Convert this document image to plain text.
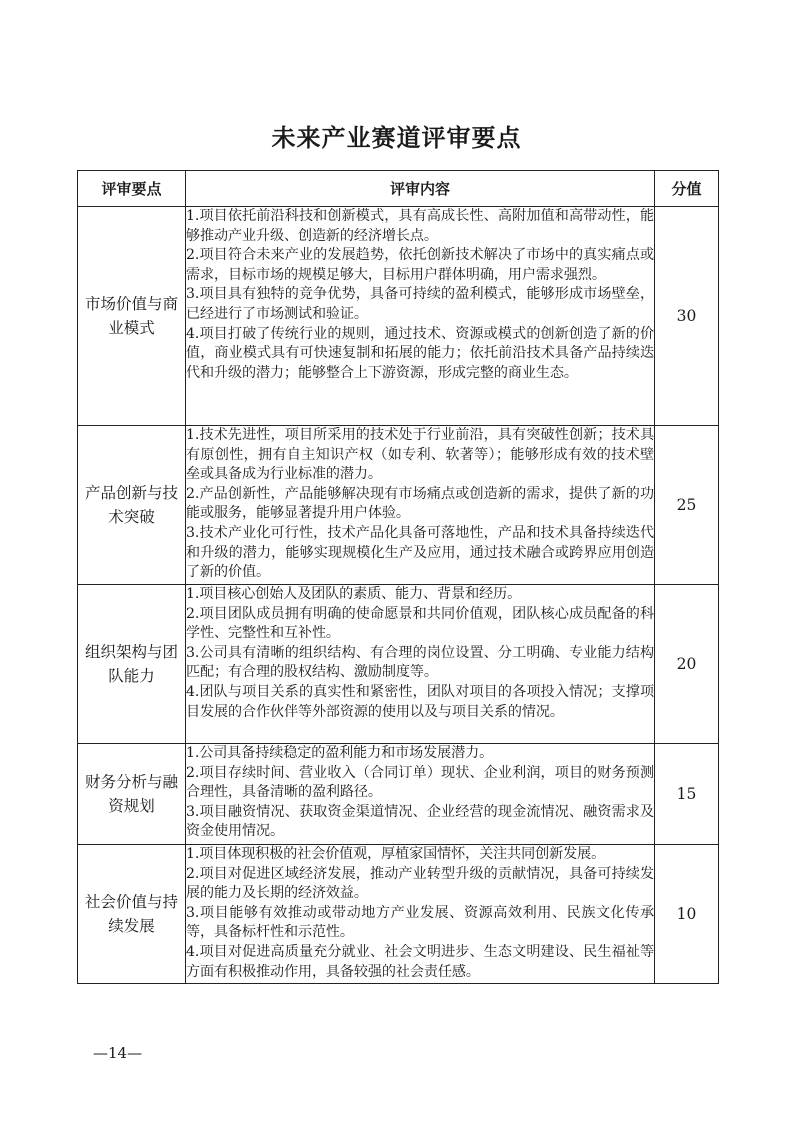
未来产业赛道评审要点
评审要点	评审内容	分值
市场价值与商业模式	1.项目依托前沿科技和创新模式，具有高成长性、高附加值和高带动性，能够推动产业升级、创造新的经济增长点。

2.项目符合未来产业的发展趋势，依托创新技术解决了市场中的真实痛点或需求，目标市场的规模足够大，目标用户群体明确，用户需求强烈。

3.项目具有独特的竞争优势，具备可持续的盈利模式，能够形成市场壁垒，已经进行了市场测试和验证。

4.项目打破了传统行业的规则，通过技术、资源或模式的创新创造了新的价值，商业模式具有可快速复制和拓展的能力；依托前沿技术具备产品持续迭代和升级的潜力；能够整合上下游资源，形成完整的商业生态。	30
产品创新与技术突破	1.技术先进性，项目所采用的技术处于行业前沿，具有突破性创新；技术具有原创性，拥有自主知识产权（如专利、软著等）；能够形成有效的技术壁垒或具备成为行业标准的潜力。

2.产品创新性，产品能够解决现有市场痛点或创造新的需求，提供了新的功能或服务，能够显著提升用户体验。

3.技术产业化可行性，技术产品化具备可落地性，产品和技术具备持续迭代和升级的潜力，能够实现规模化生产及应用，通过技术融合或跨界应用创造了新的价值。	25
组织架构与团队能力	1.项目核心创始人及团队的素质、能力、背景和经历。

2.项目团队成员拥有明确的使命愿景和共同价值观，团队核心成员配备的科学性、完整性和互补性。

3.公司具有清晰的组织结构、有合理的岗位设置、分工明确、专业能力结构匹配；有合理的股权结构、激励制度等。

4.团队与项目关系的真实性和紧密性，团队对项目的各项投入情况；支撑项目发展的合作伙伴等外部资源的使用以及与项目关系的情况。	20
财务分析与融资规划	1.公司具备持续稳定的盈利能力和市场发展潜力。

2.项目存续时间、营业收入（合同订单）现状、企业利润，项目的财务预测合理性，具备清晰的盈利路径。

3.项目融资情况、获取资金渠道情况、企业经营的现金流情况、融资需求及资金使用情况。	15
社会价值与持续发展	1.项目体现积极的社会价值观，厚植家国情怀，关注共同创新发展。

2.项目对促进区域经济发展，推动产业转型升级的贡献情况，具备可持续发展的能力及长期的经济效益。

3.项目能够有效推动或带动地方产业发展、资源高效利用、民族文化传承等，具备标杆性和示范性。

4.项目对促进高质量充分就业、社会文明进步、生态文明建设、民生福祉等方面有积极推动作用，具备较强的社会责任感。	10
—14—
